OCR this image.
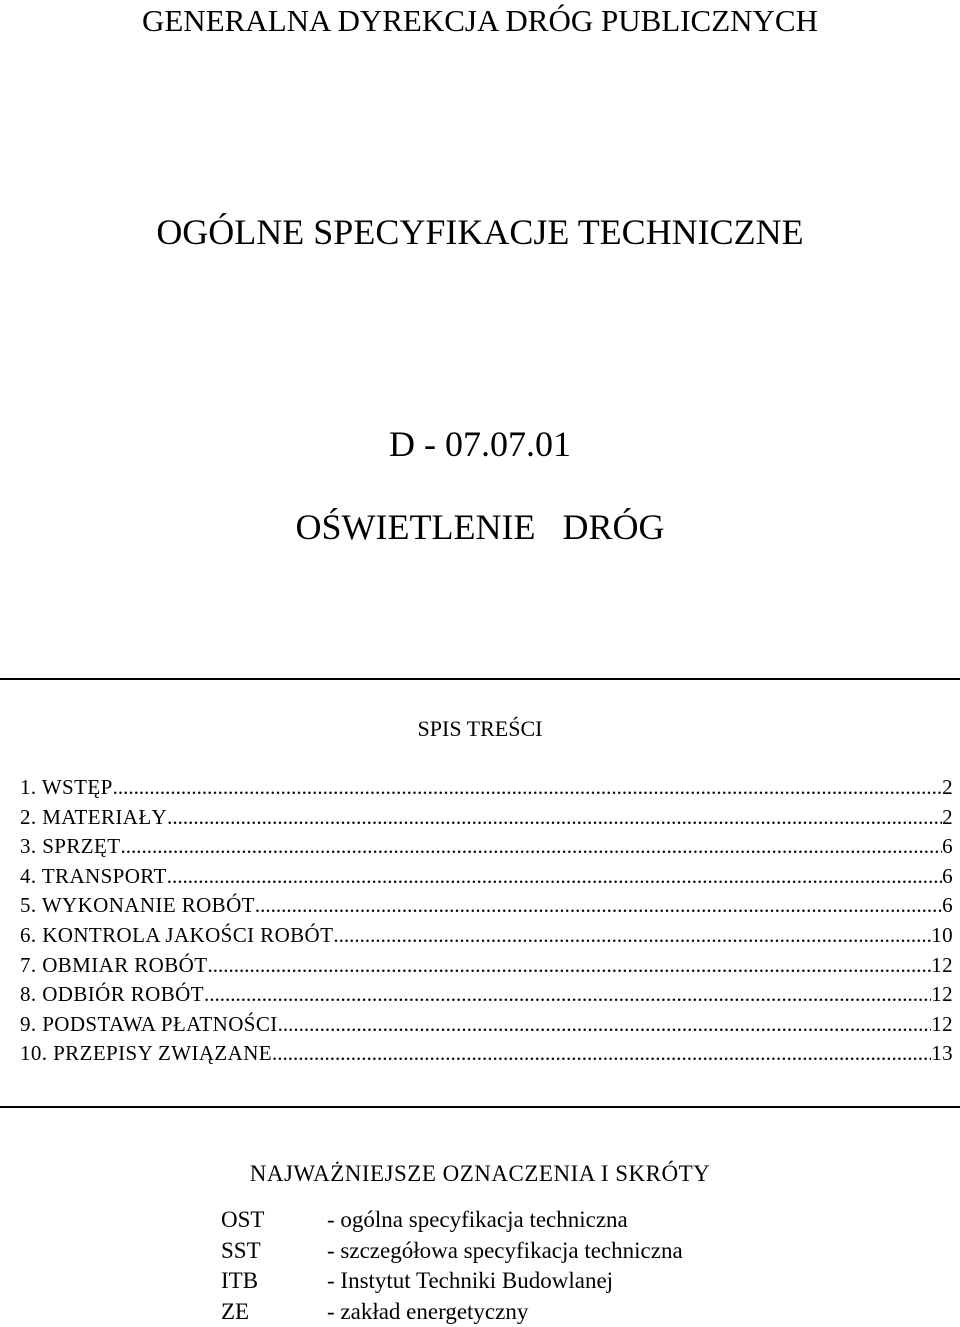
GENERALNA DYREKCJA DRÓG PUBLICZNYCH
OGÓLNE SPECYFIKACJE TECHNICZNE
D - 07.07.01
OŚWIETLENIE   DRÓG
SPIS TREŚCI
1. WSTĘP .....	2
2. MATERIAŁY .....	2
3. SPRZĘT .....	6
4. TRANSPORT .....	6
5. WYKONANIE ROBÓT .....	6
6. KONTROLA JAKOŚCI ROBÓT .....	10
7. OBMIAR ROBÓT .....	12
8. ODBIÓR ROBÓT .....	12
9. PODSTAWA PŁATNOŚCI .....	12
10. PRZEPISY ZWIĄZANE .....	13
NAJWAŻNIEJSZE OZNACZENIA I SKRÓTY
OST	- ogólna specyfikacja techniczna
SST	- szczegółowa specyfikacja techniczna
ITB	- Instytut Techniki Budowlanej
ZE	- zakład energetyczny
